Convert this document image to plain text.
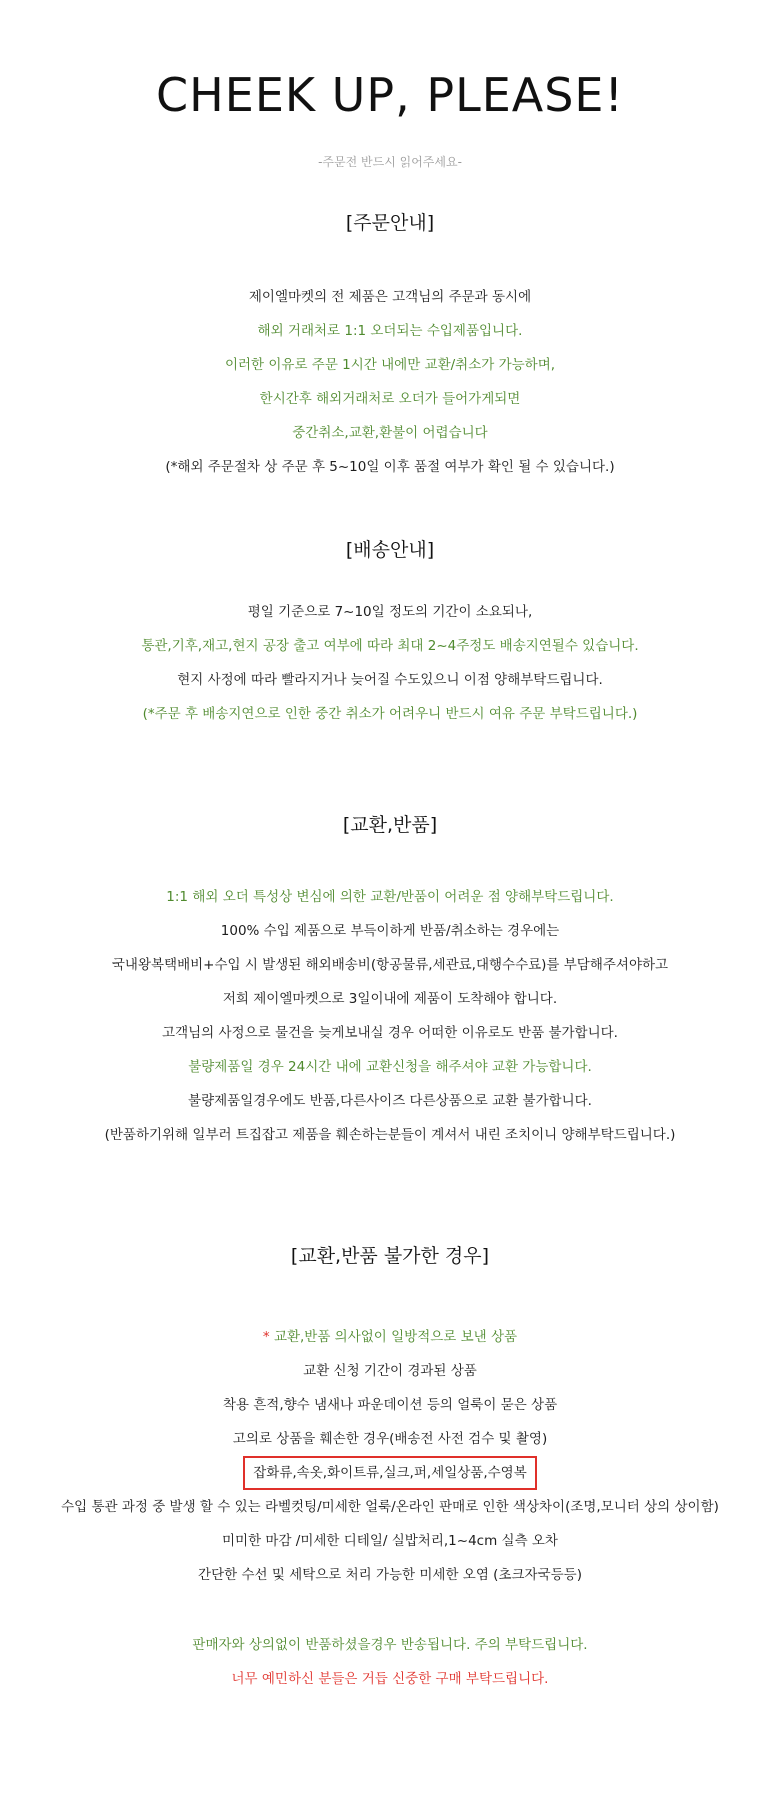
CHEEK UP, PLEASE!
-주문전 반드시 읽어주세요-
[주문안내]
제이엘마켓의 전 제품은 고객님의 주문과 동시에
해외 거래처로 1:1 오더되는 수입제품입니다.
이러한 이유로 주문 1시간 내에만 교환/취소가 가능하며,
한시간후 해외거래처로 오더가 들어가게되면
중간취소,교환,환불이 어렵습니다
(*해외 주문절차 상 주문 후 5~10일 이후 품절 여부가 확인 될 수 있습니다.)
[배송안내]
평일 기준으로 7~10일 정도의 기간이 소요되나,
통관,기후,재고,현지 공장 출고 여부에 따라 최대 2~4주정도 배송지연될수 있습니다.
현지 사정에 따라 빨라지거나 늦어질 수도있으니 이점 양해부탁드립니다.
(*주문 후 배송지연으로 인한 중간 취소가 어려우니 반드시 여유 주문 부탁드립니다.)
[교환,반품]
1:1 해외 오더 특성상 변심에 의한 교환/반품이 어려운 점 양해부탁드립니다.
100% 수입 제품으로 부득이하게 반품/취소하는 경우에는
국내왕복택배비+수입 시 발생된 해외배송비(항공물류,세관료,대행수수료)를 부담해주셔야하고
저희 제이엘마켓으로 3일이내에 제품이 도착해야 합니다.
고객님의 사정으로 물건을 늦게보내실 경우 어떠한 이유로도 반품 불가합니다.
불량제품일 경우 24시간 내에 교환신청을 해주셔야 교환 가능합니다.
불량제품일경우에도 반품,다른사이즈 다른상품으로 교환 불가합니다.
(반품하기위해 일부러 트집잡고 제품을 훼손하는분들이 계셔서 내린 조치이니 양해부탁드립니다.)
[교환,반품 불가한 경우]
* 교환,반품 의사없이 일방적으로 보낸 상품
교환 신청 기간이 경과된 상품
착용 흔적,향수 냄새나 파운데이션 등의 얼룩이 묻은 상품
고의로 상품을 훼손한 경우(배송전 사전 검수 및 촬영)
잡화류,속옷,화이트류,실크,퍼,세일상품,수영복
수입 통관 과정 중 발생 할 수 있는 라벨컷팅/미세한 얼룩/온라인 판매로 인한 색상차이(조명,모니터 상의 상이함)
미미한 마감 /미세한 디테일/ 실밥처리,1~4cm 실측 오차
간단한 수선 및 세탁으로 처리 가능한 미세한 오염 (초크자국등등)
판매자와 상의없이 반품하셨을경우 반송됩니다. 주의 부탁드립니다.
너무 예민하신 분들은 거듭 신중한 구매 부탁드립니다.
